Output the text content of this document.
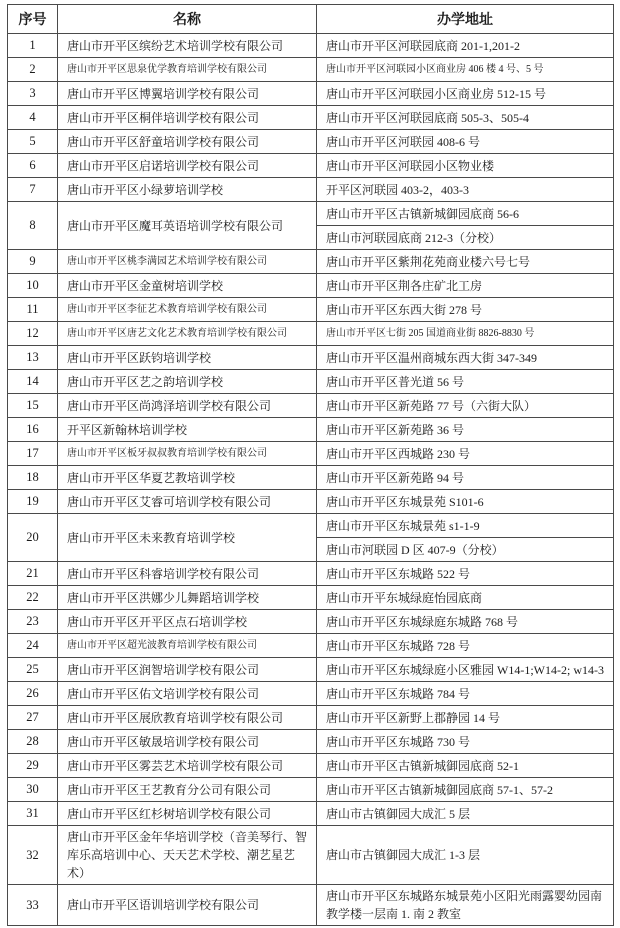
序号	名称	办学地址
1	唐山市开平区缤纷艺术培训学校有限公司	唐山市开平区河联园底商 201-1,201-2
2	唐山市开平区思泉优学教育培训学校有限公司	唐山市开平区河联园小区商业房 406 楼 4 号、5 号
3	唐山市开平区博翼培训学校有限公司	唐山市开平区河联园小区商业房 512-15 号
4	唐山市开平区桐伴培训学校有限公司	唐山市开平区河联园底商 505-3、505-4
5	唐山市开平区舒童培训学校有限公司	唐山市开平区河联园 408-6 号
6	唐山市开平区启诺培训学校有限公司	唐山市开平区河联园小区物业楼
7	唐山市开平区小绿萝培训学校	开平区河联园 403-2，403-3
8	唐山市开平区魔耳英语培训学校有限公司	唐山市开平区古镇新城御园底商 56-6
		唐山市河联园底商 212-3（分校）
9	唐山市开平区桃李满园艺术培训学校有限公司	唐山市开平区紫荆花苑商业楼六号七号
10	唐山市开平区金童树培训学校	唐山市开平区荆各庄矿北工房
11	唐山市开平区李征艺术教育培训学校有限公司	唐山市开平区东西大街 278 号
12	唐山市开平区唐艺文化艺术教育培训学校有限公司	唐山市开平区七街 205 国道商业街 8826-8830 号
13	唐山市开平区跃钧培训学校	唐山市开平区温州商城东西大街 347-349
14	唐山市开平区艺之韵培训学校	唐山市开平区普光道 56 号
15	唐山市开平区尚鸿泽培训学校有限公司	唐山市开平区新苑路 77 号（六街大队）
16	开平区新翰林培训学校	唐山市开平区新苑路 36 号
17	唐山市开平区板牙叔叔教育培训学校有限公司	唐山市开平区西城路 230 号
18	唐山市开平区华夏艺教培训学校	唐山市开平区新苑路 94 号
19	唐山市开平区艾睿可培训学校有限公司	唐山市开平区东城景苑 S101-6
20	唐山市开平区未来教育培训学校	唐山市开平区东城景苑 s1-1-9
		唐山市河联园 D 区 407-9（分校）
21	唐山市开平区科睿培训学校有限公司	唐山市开平区东城路 522 号
22	唐山市开平区洪娜少儿舞蹈培训学校	唐山市开平东城绿庭怡园底商
23	唐山市开平区开平区点石培训学校	唐山市开平区东城绿庭东城路 768 号
24	唐山市开平区超光波教育培训学校有限公司	唐山市开平区东城路 728 号
25	唐山市开平区润智培训学校有限公司	唐山市开平区东城绿庭小区雅园 W14-1;W14-2; w14-3
26	唐山市开平区佑文培训学校有限公司	唐山市开平区东城路 784 号
27	唐山市开平区展欣教育培训学校有限公司	唐山市开平区新野上郡静园 14 号
28	唐山市开平区敏晟培训学校有限公司	唐山市开平区东城路 730 号
29	唐山市开平区雾芸艺术培训学校有限公司	唐山市开平区古镇新城御园底商 52-1
30	唐山市开平区王艺教育分公司有限公司	唐山市开平区古镇新城御园底商 57-1、57-2
31	唐山市开平区红杉树培训学校有限公司	唐山市古镇御园大成汇 5 层
32	唐山市开平区金年华培训学校（音美琴行、智库乐高培训中心、天天艺术学校、潮艺星艺术）	唐山市古镇御园大成汇 1-3 层
33	唐山市开平区语训培训学校有限公司	唐山市开平区东城路东城景苑小区阳光雨露婴幼园南教学楼一层南 1. 南 2 教室
